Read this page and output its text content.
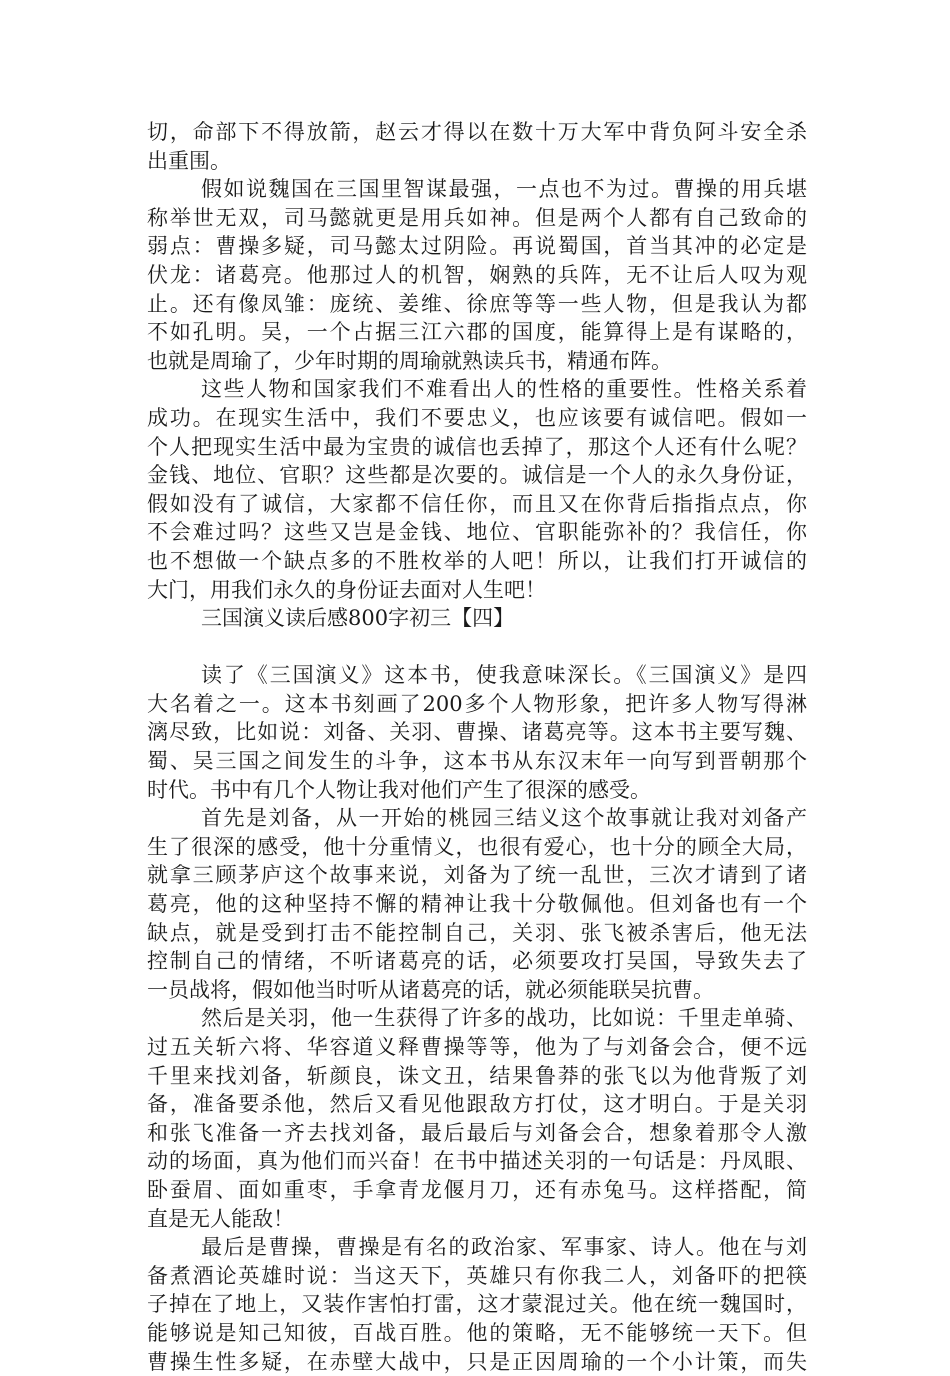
切，命部下不得放箭，赵云才得以在数十万大军中背负阿斗安全杀
出重围。
假如说魏国在三国里智谋最强，一点也不为过。曹操的用兵堪
称举世无双，司马懿就更是用兵如神。但是两个人都有自己致命的
弱点：曹操多疑，司马懿太过阴险。再说蜀国，首当其冲的必定是
伏龙：诸葛亮。他那过人的机智，娴熟的兵阵，无不让后人叹为观
止。还有像凤雏：庞统、姜维、徐庶等等一些人物，但是我认为都
不如孔明。吴，一个占据三江六郡的国度，能算得上是有谋略的，
也就是周瑜了，少年时期的周瑜就熟读兵书，精通布阵。
这些人物和国家我们不难看出人的性格的重要性。性格关系着
成功。在现实生活中，我们不要忠义，也应该要有诚信吧。假如一
个人把现实生活中最为宝贵的诚信也丢掉了，那这个人还有什么呢？
金钱、地位、官职？这些都是次要的。诚信是一个人的永久身份证，
假如没有了诚信，大家都不信任你，而且又在你背后指指点点，你
不会难过吗？这些又岂是金钱、地位、官职能弥补的？我信任，你
也不想做一个缺点多的不胜枚举的人吧！所以，让我们打开诚信的
大门，用我们永久的身份证去面对人生吧！
三国演义读后感800字初三【四】
读了《三国演义》这本书，使我意味深长。《三国演义》是四
大名着之一。这本书刻画了200多个人物形象，把许多人物写得淋
漓尽致，比如说：刘备、关羽、曹操、诸葛亮等。这本书主要写魏、
蜀、吴三国之间发生的斗争，这本书从东汉末年一向写到晋朝那个
时代。书中有几个人物让我对他们产生了很深的感受。
首先是刘备，从一开始的桃园三结义这个故事就让我对刘备产
生了很深的感受，他十分重情义，也很有爱心，也十分的顾全大局，
就拿三顾茅庐这个故事来说，刘备为了统一乱世，三次才请到了诸
葛亮，他的这种坚持不懈的精神让我十分敬佩他。但刘备也有一个
缺点，就是受到打击不能控制自己，关羽、张飞被杀害后，他无法
控制自己的情绪，不听诸葛亮的话，必须要攻打吴国，导致失去了
一员战将，假如他当时听从诸葛亮的话，就必须能联吴抗曹。
然后是关羽，他一生获得了许多的战功，比如说：千里走单骑、
过五关斩六将、华容道义释曹操等等，他为了与刘备会合，便不远
千里来找刘备，斩颜良，诛文丑，结果鲁莽的张飞以为他背叛了刘
备，准备要杀他，然后又看见他跟敌方打仗，这才明白。于是关羽
和张飞准备一齐去找刘备，最后最后与刘备会合，想象着那令人激
动的场面，真为他们而兴奋！在书中描述关羽的一句话是：丹凤眼、
卧蚕眉、面如重枣，手拿青龙偃月刀，还有赤兔马。这样搭配，简
直是无人能敌！
最后是曹操，曹操是有名的政治家、军事家、诗人。他在与刘
备煮酒论英雄时说：当这天下，英雄只有你我二人，刘备吓的把筷
子掉在了地上，又装作害怕打雷，这才蒙混过关。他在统一魏国时，
能够说是知己知彼，百战百胜。他的策略，无不能够统一天下。但
曹操生性多疑，在赤壁大战中，只是正因周瑜的一个小计策，而失
